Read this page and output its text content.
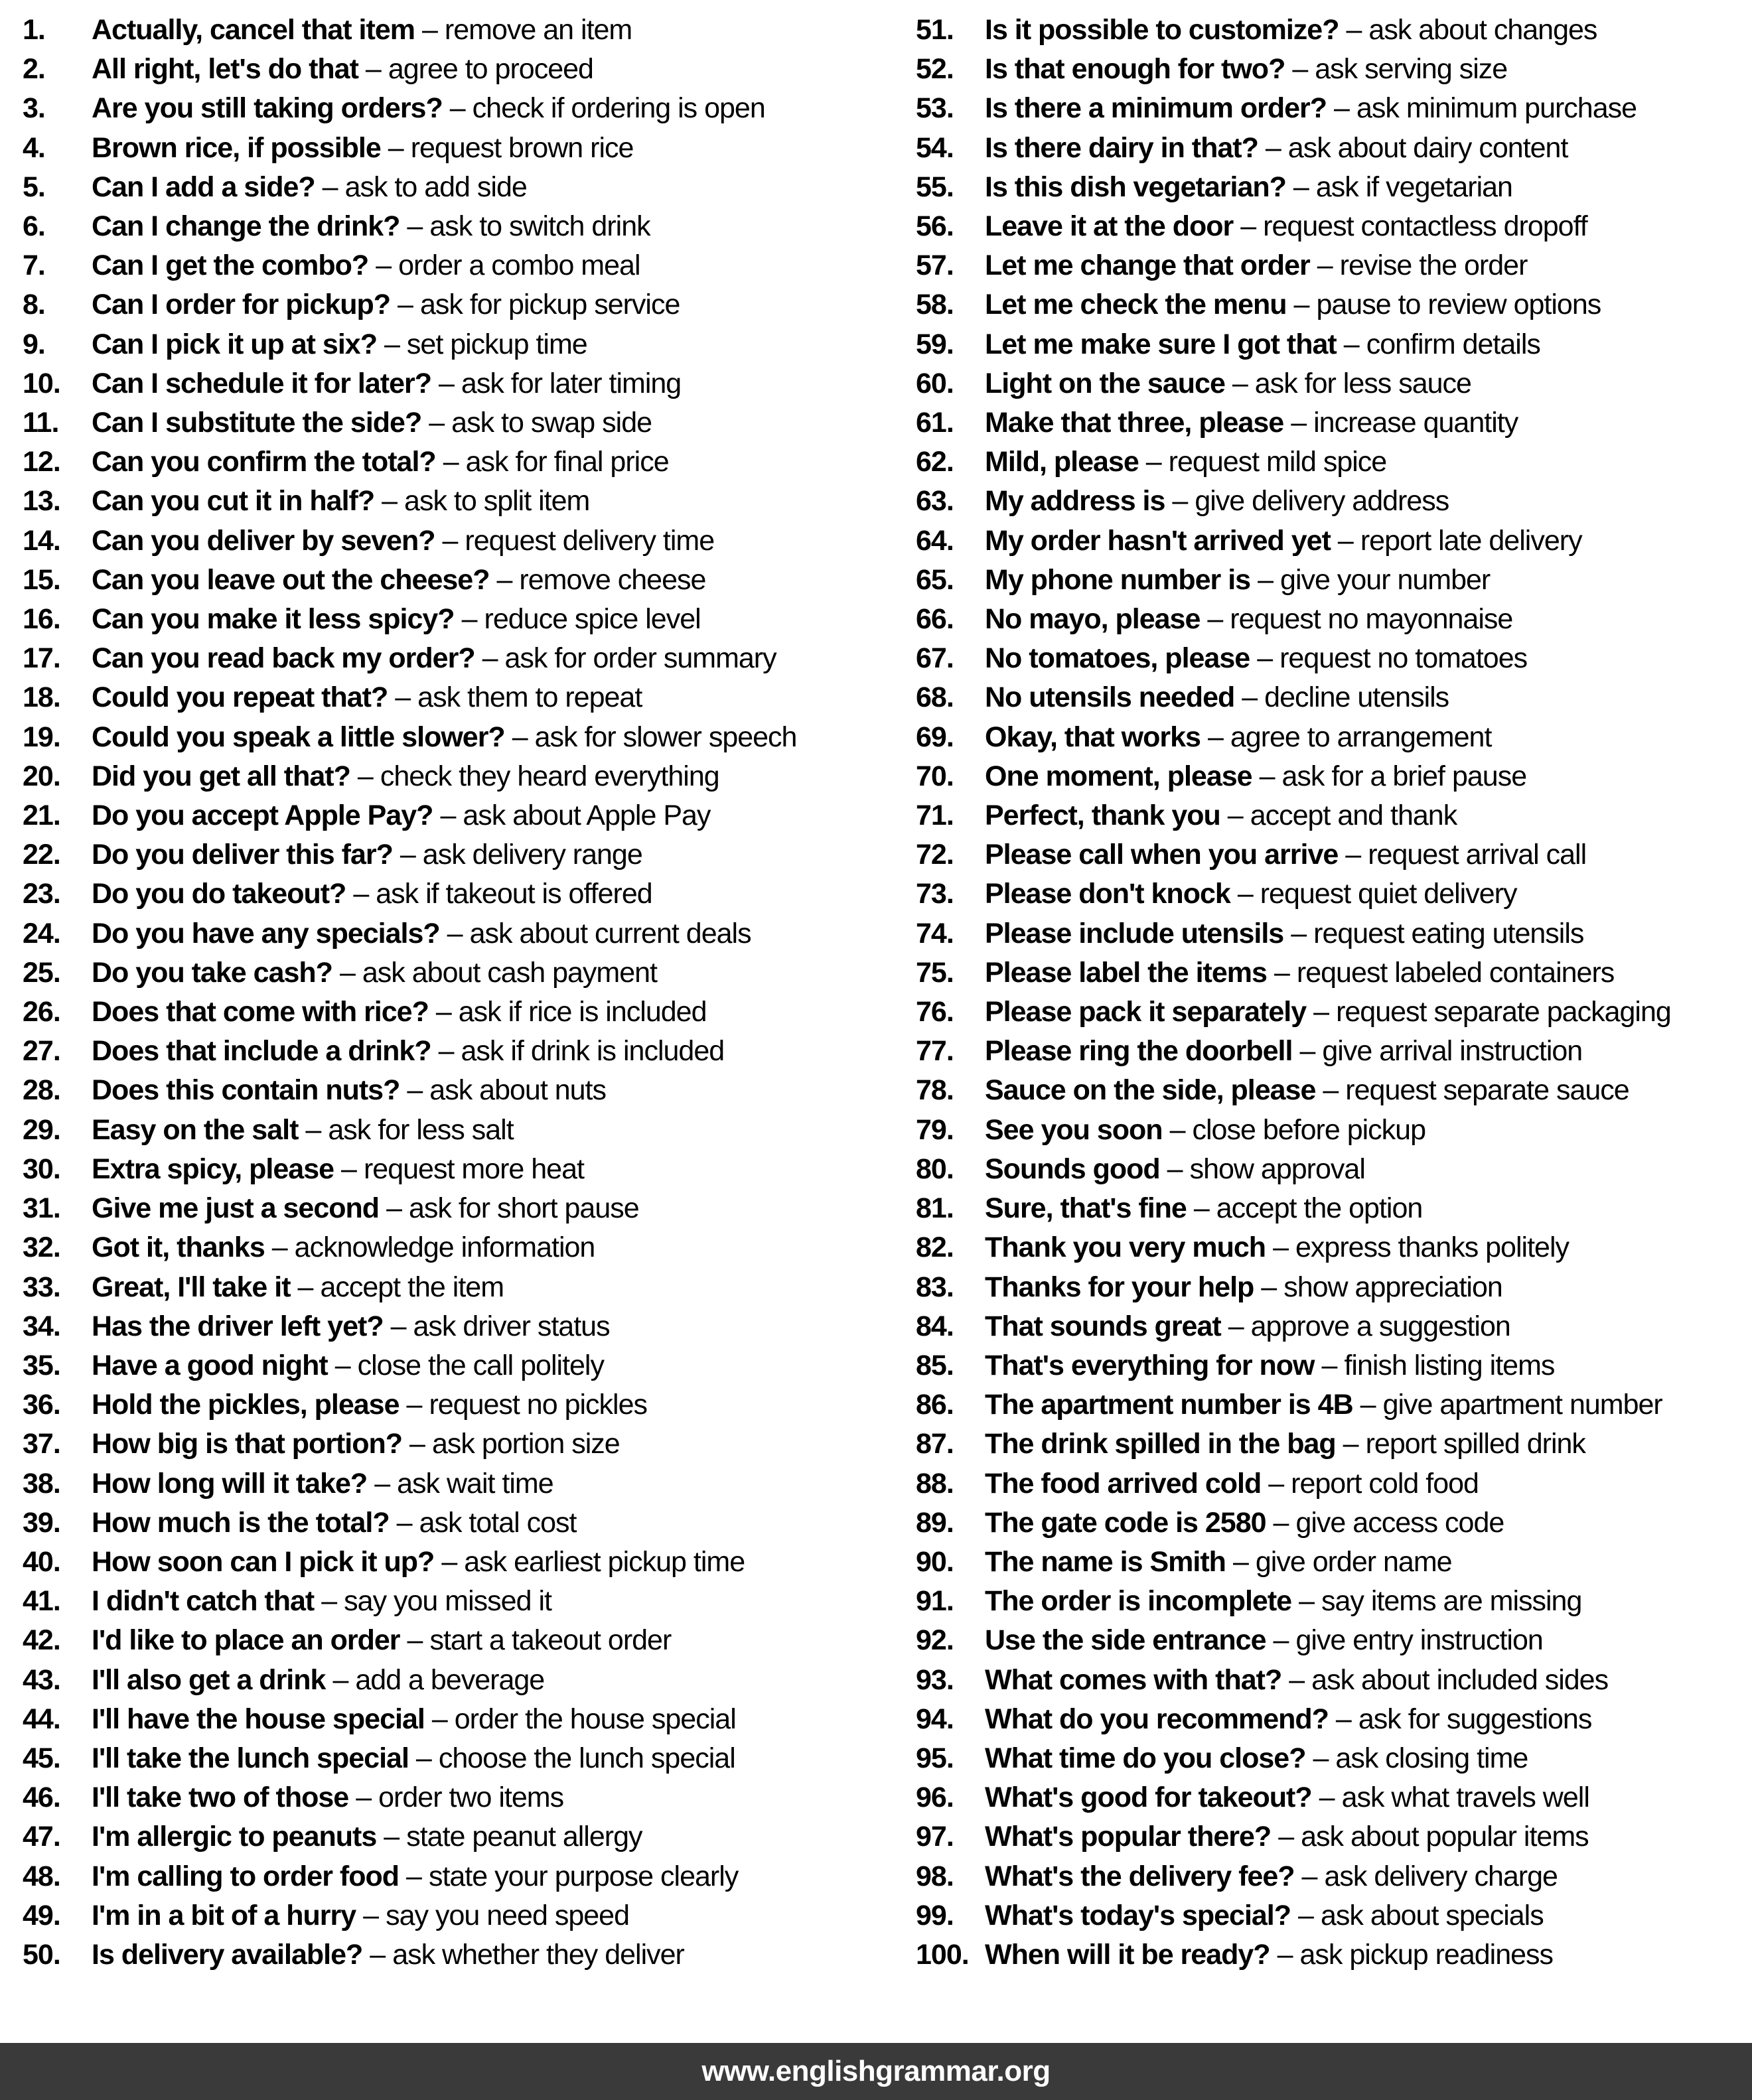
1. Actually, cancel that item – remove an item
2. All right, let's do that – agree to proceed
3. Are you still taking orders? – check if ordering is open
4. Brown rice, if possible – request brown rice
5. Can I add a side? – ask to add side
6. Can I change the drink? – ask to switch drink
7. Can I get the combo? – order a combo meal
8. Can I order for pickup? – ask for pickup service
9. Can I pick it up at six? – set pickup time
10. Can I schedule it for later? – ask for later timing
11. Can I substitute the side? – ask to swap side
12. Can you confirm the total? – ask for final price
13. Can you cut it in half? – ask to split item
14. Can you deliver by seven? – request delivery time
15. Can you leave out the cheese? – remove cheese
16. Can you make it less spicy? – reduce spice level
17. Can you read back my order? – ask for order summary
18. Could you repeat that? – ask them to repeat
19. Could you speak a little slower? – ask for slower speech
20. Did you get all that? – check they heard everything
21. Do you accept Apple Pay? – ask about Apple Pay
22. Do you deliver this far? – ask delivery range
23. Do you do takeout? – ask if takeout is offered
24. Do you have any specials? – ask about current deals
25. Do you take cash? – ask about cash payment
26. Does that come with rice? – ask if rice is included
27. Does that include a drink? – ask if drink is included
28. Does this contain nuts? – ask about nuts
29. Easy on the salt – ask for less salt
30. Extra spicy, please – request more heat
31. Give me just a second – ask for short pause
32. Got it, thanks – acknowledge information
33. Great, I'll take it – accept the item
34. Has the driver left yet? – ask driver status
35. Have a good night – close the call politely
36. Hold the pickles, please – request no pickles
37. How big is that portion? – ask portion size
38. How long will it take? – ask wait time
39. How much is the total? – ask total cost
40. How soon can I pick it up? – ask earliest pickup time
41. I didn't catch that – say you missed it
42. I'd like to place an order – start a takeout order
43. I'll also get a drink – add a beverage
44. I'll have the house special – order the house special
45. I'll take the lunch special – choose the lunch special
46. I'll take two of those – order two items
47. I'm allergic to peanuts – state peanut allergy
48. I'm calling to order food – state your purpose clearly
49. I'm in a bit of a hurry – say you need speed
50. Is delivery available? – ask whether they deliver
51. Is it possible to customize? – ask about changes
52. Is that enough for two? – ask serving size
53. Is there a minimum order? – ask minimum purchase
54. Is there dairy in that? – ask about dairy content
55. Is this dish vegetarian? – ask if vegetarian
56. Leave it at the door – request contactless dropoff
57. Let me change that order – revise the order
58. Let me check the menu – pause to review options
59. Let me make sure I got that – confirm details
60. Light on the sauce – ask for less sauce
61. Make that three, please – increase quantity
62. Mild, please – request mild spice
63. My address is – give delivery address
64. My order hasn't arrived yet – report late delivery
65. My phone number is – give your number
66. No mayo, please – request no mayonnaise
67. No tomatoes, please – request no tomatoes
68. No utensils needed – decline utensils
69. Okay, that works – agree to arrangement
70. One moment, please – ask for a brief pause
71. Perfect, thank you – accept and thank
72. Please call when you arrive – request arrival call
73. Please don't knock – request quiet delivery
74. Please include utensils – request eating utensils
75. Please label the items – request labeled containers
76. Please pack it separately – request separate packaging
77. Please ring the doorbell – give arrival instruction
78. Sauce on the side, please – request separate sauce
79. See you soon – close before pickup
80. Sounds good – show approval
81. Sure, that's fine – accept the option
82. Thank you very much – express thanks politely
83. Thanks for your help – show appreciation
84. That sounds great – approve a suggestion
85. That's everything for now – finish listing items
86. The apartment number is 4B – give apartment number
87. The drink spilled in the bag – report spilled drink
88. The food arrived cold – report cold food
89. The gate code is 2580 – give access code
90. The name is Smith – give order name
91. The order is incomplete – say items are missing
92. Use the side entrance – give entry instruction
93. What comes with that? – ask about included sides
94. What do you recommend? – ask for suggestions
95. What time do you close? – ask closing time
96. What's good for takeout? – ask what travels well
97. What's popular there? – ask about popular items
98. What's the delivery fee? – ask delivery charge
99. What's today's special? – ask about specials
100. When will it be ready? – ask pickup readiness
www.englishgrammar.org
